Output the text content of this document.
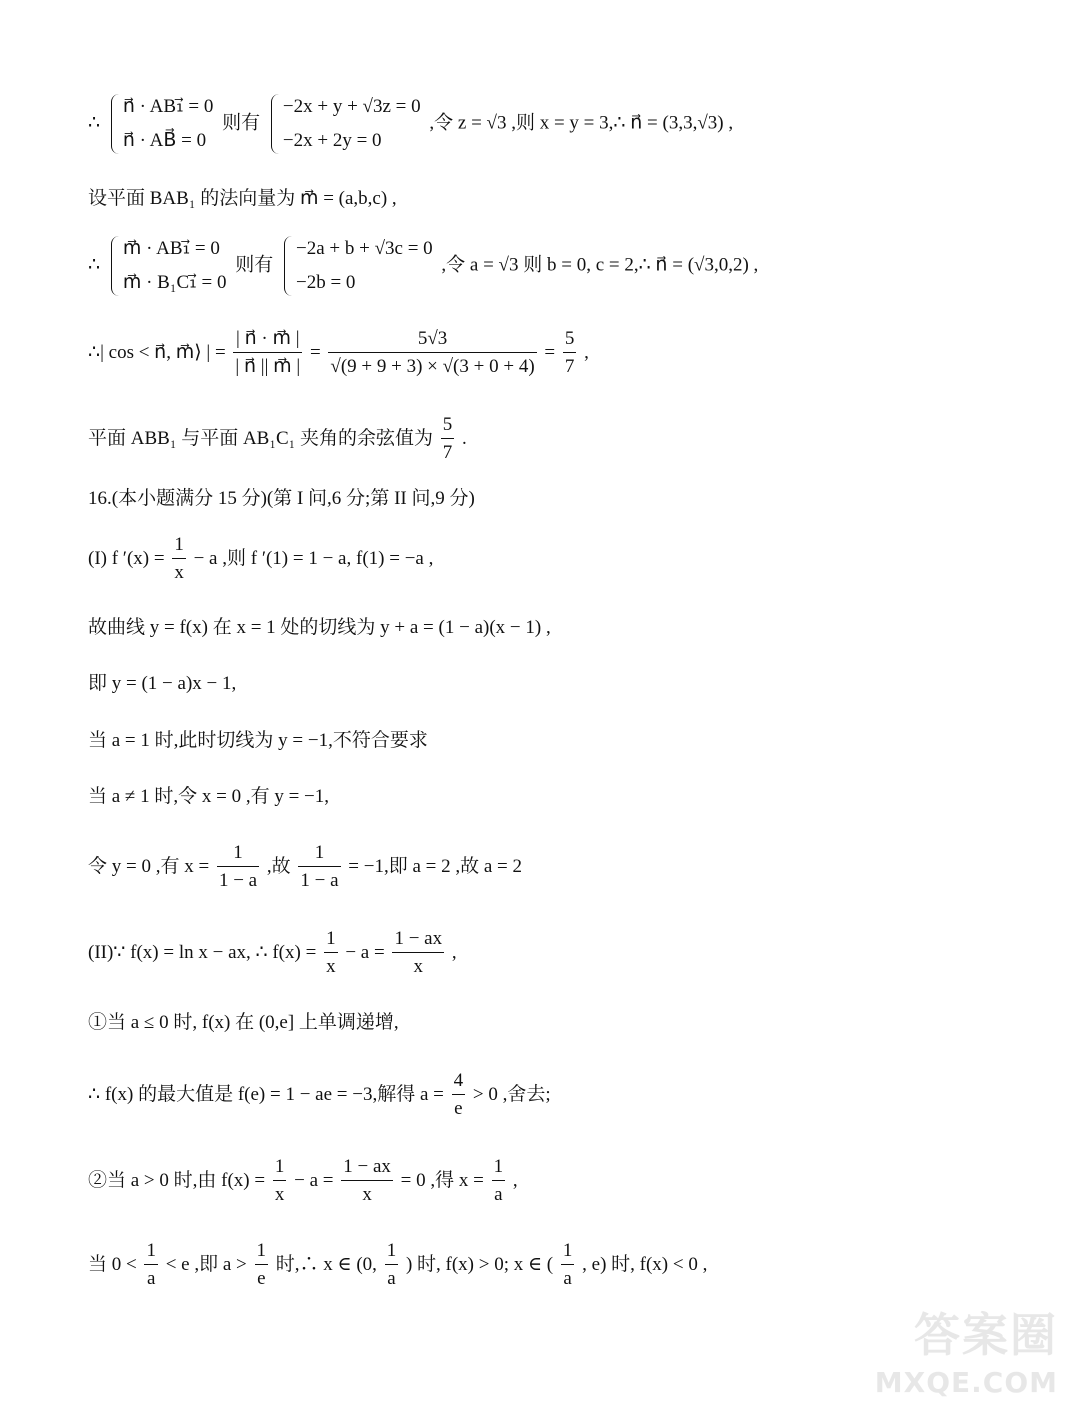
∴
n⃗ · AB₁⃗ = 0
n⃗ · AB⃗ = 0
则有
−2x + y + √3z = 0
−2x + 2y = 0
,令 z = √3 ,则 x = y = 3,∴ n⃗ = (3,3,√3) ,
设平面 BAB₁ 的法向量为 m⃗ = (a,b,c) ,
∴
m⃗ · AB₁⃗ = 0
m⃗ · B₁C₁⃗ = 0
则有
−2a + b + √3c = 0
−2b = 0
,令 a = √3 则 b = 0, c = 2,∴ n⃗ = (√3,0,2) ,
∴| cos < n⃗, m⃗⟩ | = $\frac{| n⃗ \cdot m⃗ |}{| n⃗ || m⃗ |} = \frac{5√3}{√(9 + 9 + 3) \times √(3 + 0 + 4)} = \frac{5}{7}$ ,
平面 ABB₁ 与平面 AB₁C₁ 夹角的余弦值为 $\frac{5}{7}$ .
16.(本小题满分 15 分)(第 I 问,6 分;第 II 问,9 分)
(I) f $'(x) = \frac{1}{x} - a$ ,则 f ′(1) = 1 − a, f(1) = −a ,
故曲线 y = f(x) 在 x = 1 处的切线为 y + a = (1 − a)(x − 1) ,
即 y = (1 − a)x − 1,
当 a = 1 时,此时切线为 y = −1,不符合要求
当 a ≠ 1 时,令 x = 0 ,有 y = −1,
令 y = 0 ,有 $x = \frac{1}{1 - a}$ ,故 $\frac{1}{1 - a} = -1$,即 a = 2 ,故 a = 2
(II)∵ f(x) = ln x − ax, ∴ $f(x) = \frac{1}{x} - a = \frac{1 - ax}{x}$ ,
①当 a ≤ 0 时, f(x) 在 (0,e] 上单调递增,
∴ f(x) 的最大值是 f(e) = 1 − ae = −3,解得 $a = \frac{4}{e} > 0$ ,舍去;
②当 a > 0 时,由 $f(x) = \frac{1}{x} - a = \frac{1 - ax}{x} = 0$ ,得 $x = \frac{1}{a}$ ,
当 $0 < \frac{1}{a} < e$ ,即 $a > \frac{1}{e}$ 时,∴ x ∈ (0, $\frac{1}{a}$ ) 时, f(x) > 0; x ∈ ( $\frac{1}{a}$ , e) 时, f(x) < 0 ,
答案圈
MXQE.COM
